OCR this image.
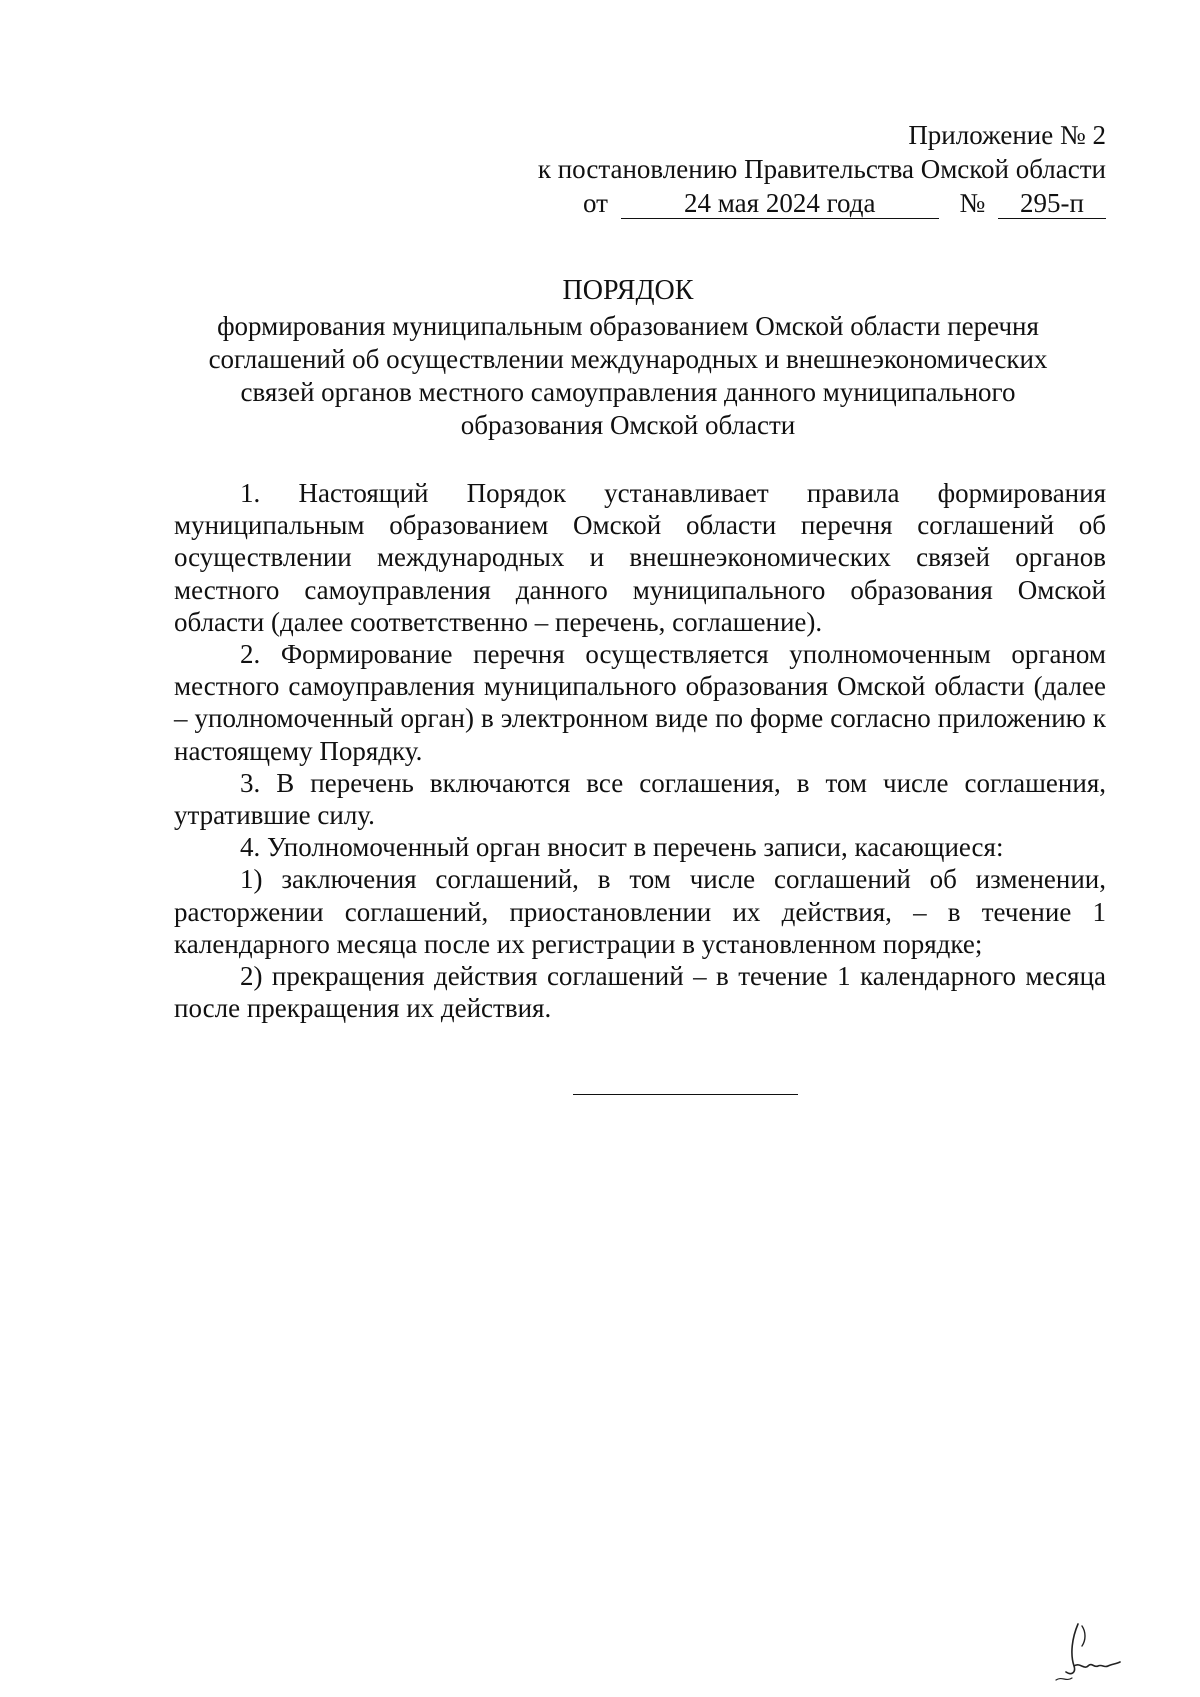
Приложение № 2
к постановлению Правительства Омской области
от	24 мая 2024 года	№ 295-п
ПОРЯДОК
формирования муниципальным образованием Омской области перечня соглашений об осуществлении международных и внешнеэкономических связей органов местного самоуправления данного муниципального образования Омской области

1. Настоящий Порядок устанавливает правила формирования муниципальным образованием Омской области перечня соглашений об осуществлении международных и внешнеэкономических связей органов местного самоуправления данного муниципального образования Омской области (далее соответственно – перечень, соглашение).

2. Формирование перечня осуществляется уполномоченным органом местного самоуправления муниципального образования Омской области (далее – уполномоченный орган) в электронном виде по форме согласно приложению к настоящему Порядку.

3. В перечень включаются все соглашения, в том числе соглашения, утратившие силу.

4. Уполномоченный орган вносит в перечень записи, касающиеся:

1) заключения соглашений, в том числе соглашений об изменении, расторжении соглашений, приостановлении их действия, – в течение 1 календарного месяца после их регистрации в установленном порядке;

2) прекращения действия соглашений – в течение 1 календарного месяца после прекращения их действия.
